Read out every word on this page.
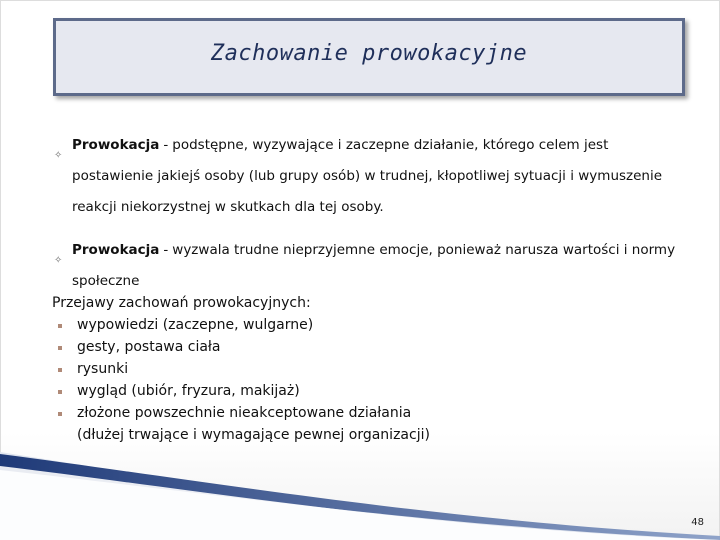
Zachowanie prowokacyjne
✧
Prowokacja - podstępne, wyzywające i zaczepne działanie, którego celem jest postawienie jakiejś osoby (lub grupy osób) w trudnej, kłopotliwej sytuacji i wymuszenie reakcji niekorzystnej w skutkach dla tej osoby.
✧
Prowokacja - wyzwala trudne nieprzyjemne emocje, ponieważ narusza wartości i normy społeczne
Przejawy zachowań prowokacyjnych:
wypowiedzi (zaczepne, wulgarne)
gesty, postawa ciała
rysunki
wygląd (ubiór, fryzura, makijaż)
złożone powszechnie nieakceptowane działania
(dłużej trwające i wymagające pewnej organizacji)
48
